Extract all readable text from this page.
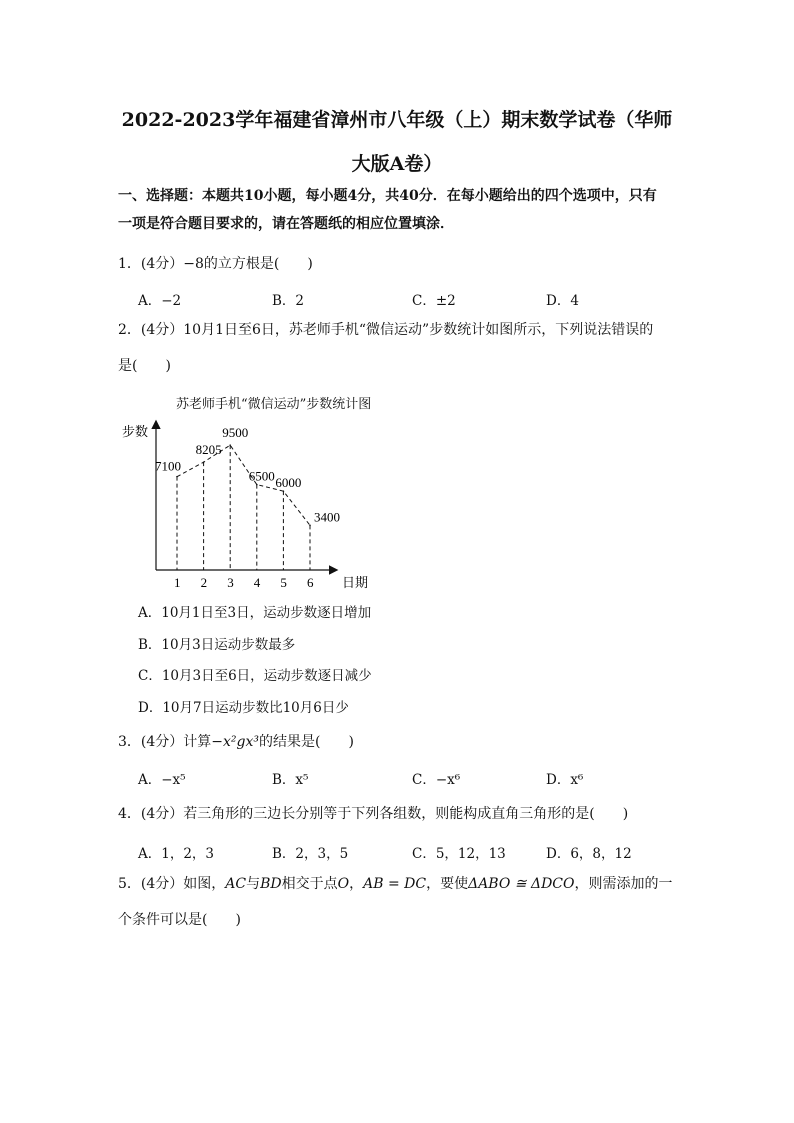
2022-2023学年福建省漳州市八年级（上）期末数学试卷（华师
大版A卷）
一、选择题：本题共10小题，每小题4分，共40分．在每小题给出的四个选项中，只有
一项是符合题目要求的，请在答题纸的相应位置填涂．
1．(4分）−8的立方根是(　　)
A．−2	B．2	C．±2	D．4
2．(4分）10月1日至6日，苏老师手机“微信运动”步数统计如图所示，下列说法错误的
是(　　)
苏老师手机“微信运动”步数统计图
步数
日期
7100
1
8205
2
9500
3
6500
4
6000
5
3400
6
A．10月1日至3日，运动步数逐日增加
B．10月3日运动步数最多
C．10月3日至6日，运动步数逐日减少
D．10月7日运动步数比10月6日少
3．(4分）计算−x²gx³的结果是(　　)
A．−x⁵	B．x⁵	C．−x⁶	D．x⁶
4．(4分）若三角形的三边长分别等于下列各组数，则能构成直角三角形的是(　　)
A．1，2，3	B．2，3，5	C．5，12，13	D．6，8，12
5．(4分）如图，AC与BD相交于点O，AB = DC，要使ΔABO ≅ ΔDCO，则需添加的一
个条件可以是(　　)
